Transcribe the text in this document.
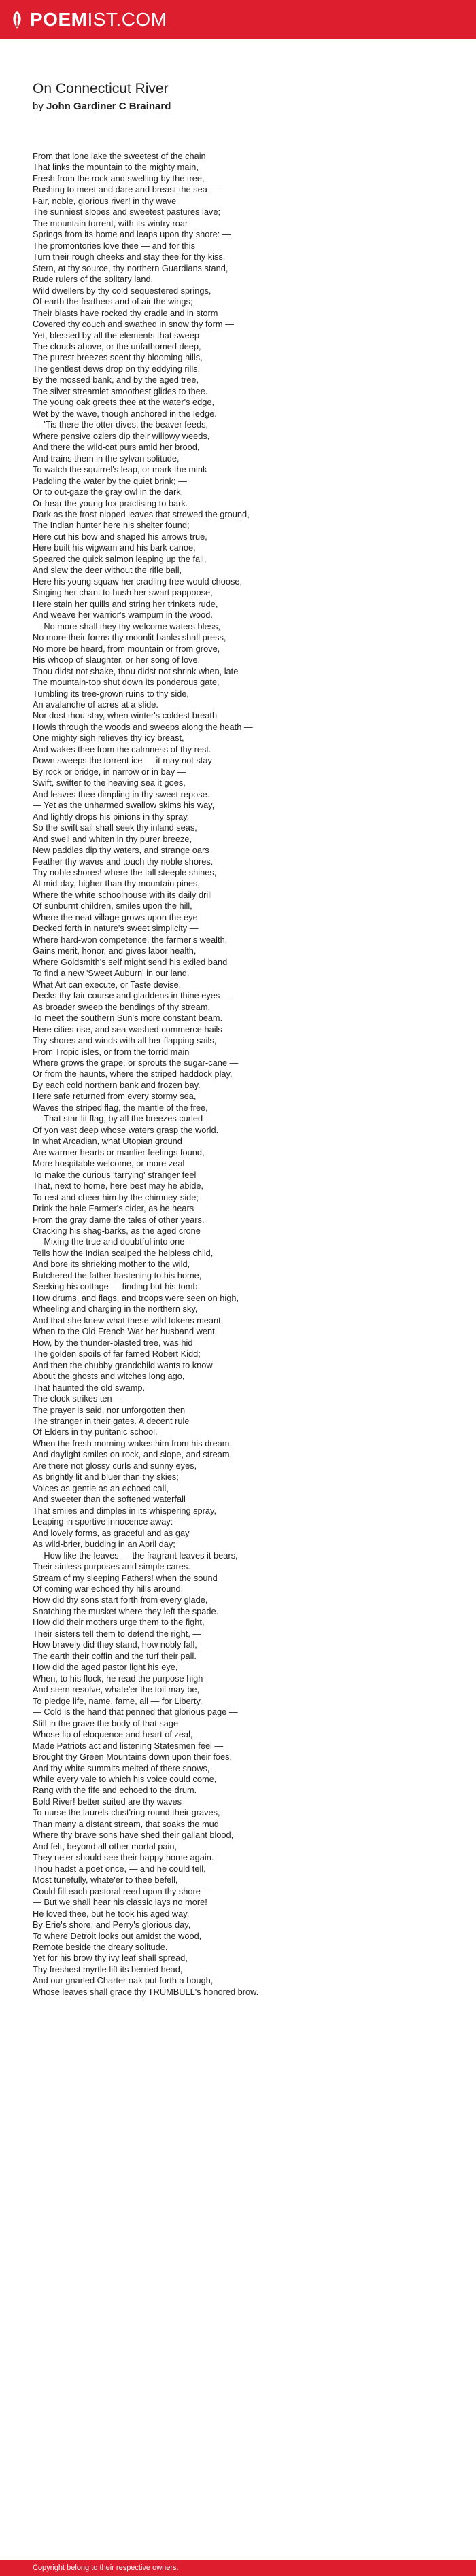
POEMIST.COM
On Connecticut River
by John Gardiner C Brainard
From that lone lake the sweetest of the chain
That links the mountain to the mighty main,
Fresh from the rock and swelling by the tree,
Rushing to meet and dare and breast the sea —
Fair, noble, glorious river! in thy wave
The sunniest slopes and sweetest pastures lave;
The mountain torrent, with its wintry roar
Springs from its home and leaps upon thy shore: —
The promontories love thee — and for this
Turn their rough cheeks and stay thee for thy kiss.
Stern, at thy source, thy northern Guardians stand,
Rude rulers of the solitary land,
Wild dwellers by thy cold sequestered springs,
Of earth the feathers and of air the wings;
Their blasts have rocked thy cradle and in storm
Covered thy couch and swathed in snow thy form —
Yet, blessed by all the elements that sweep
The clouds above, or the unfathomed deep,
The purest breezes scent thy blooming hills,
The gentlest dews drop on thy eddying rills,
By the mossed bank, and by the aged tree,
The silver streamlet smoothest glides to thee.
The young oak greets thee at the water's edge,
Wet by the wave, though anchored in the ledge.
— 'Tis there the otter dives, the beaver feeds,
Where pensive oziers dip their willowy weeds,
And there the wild-cat purs amid her brood,
And trains them in the sylvan solitude,
To watch the squirrel's leap, or mark the mink
Paddling the water by the quiet brink; —
Or to out-gaze the gray owl in the dark,
Or hear the young fox practising to bark.
Dark as the frost-nipped leaves that strewed the ground,
The Indian hunter here his shelter found;
Here cut his bow and shaped his arrows true,
Here built his wigwam and his bark canoe,
Speared the quick salmon leaping up the fall,
And slew the deer without the rifle ball,
Here his young squaw her cradling tree would choose,
Singing her chant to hush her swart pappoose,
Here stain her quills and string her trinkets rude,
And weave her warrior's wampum in the wood.
— No more shall they thy welcome waters bless,
No more their forms thy moonlit banks shall press,
No more be heard, from mountain or from grove,
His whoop of slaughter, or her song of love.
Thou didst not shake, thou didst not shrink when, late
The mountain-top shut down its ponderous gate,
Tumbling its tree-grown ruins to thy side,
An avalanche of acres at a slide.
Nor dost thou stay, when winter's coldest breath
Howls through the woods and sweeps along the heath —
One mighty sigh relieves thy icy breast,
And wakes thee from the calmness of thy rest.
Down sweeps the torrent ice — it may not stay
By rock or bridge, in narrow or in bay —
Swift, swifter to the heaving sea it goes,
And leaves thee dimpling in thy sweet repose.
— Yet as the unharmed swallow skims his way,
And lightly drops his pinions in thy spray,
So the swift sail shall seek thy inland seas,
And swell and whiten in thy purer breeze,
New paddles dip thy waters, and strange oars
Feather thy waves and touch thy noble shores.
Thy noble shores! where the tall steeple shines,
At mid-day, higher than thy mountain pines,
Where the white schoolhouse with its daily drill
Of sunburnt children, smiles upon the hill,
Where the neat village grows upon the eye
Decked forth in nature's sweet simplicity —
Where hard-won competence, the farmer's wealth,
Gains merit, honor, and gives labor health,
Where Goldsmith's self might send his exiled band
To find a new 'Sweet Auburn' in our land.
What Art can execute, or Taste devise,
Decks thy fair course and gladdens in thine eyes —
As broader sweep the bendings of thy stream,
To meet the southern Sun's more constant beam.
Here cities rise, and sea-washed commerce hails
Thy shores and winds with all her flapping sails,
From Tropic isles, or from the torrid main
Where grows the grape, or sprouts the sugar-cane —
Or from the haunts, where the striped haddock play,
By each cold northern bank and frozen bay.
Here safe returned from every stormy sea,
Waves the striped flag, the mantle of the free,
— That star-lit flag, by all the breezes curled
Of yon vast deep whose waters grasp the world.
In what Arcadian, what Utopian ground
Are warmer hearts or manlier feelings found,
More hospitable welcome, or more zeal
To make the curious 'tarrying' stranger feel
That, next to home, here best may he abide,
To rest and cheer him by the chimney-side;
Drink the hale Farmer's cider, as he hears
From the gray dame the tales of other years.
Cracking his shag-barks, as the aged crone
— Mixing the true and doubtful into one —
Tells how the Indian scalped the helpless child,
And bore its shrieking mother to the wild,
Butchered the father hastening to his home,
Seeking his cottage — finding but his tomb.
How drums, and flags, and troops were seen on high,
Wheeling and charging in the northern sky,
And that she knew what these wild tokens meant,
When to the Old French War her husband went.
How, by the thunder-blasted tree, was hid
The golden spoils of far famed Robert Kidd;
And then the chubby grandchild wants to know
About the ghosts and witches long ago,
That haunted the old swamp.
The clock strikes ten —
The prayer is said, nor unforgotten then
The stranger in their gates. A decent rule
Of Elders in thy puritanic school.
When the fresh morning wakes him from his dream,
And daylight smiles on rock, and slope, and stream,
Are there not glossy curls and sunny eyes,
As brightly lit and bluer than thy skies;
Voices as gentle as an echoed call,
And sweeter than the softened waterfall
That smiles and dimples in its whispering spray,
Leaping in sportive innocence away: —
And lovely forms, as graceful and as gay
As wild-brier, budding in an April day;
— How like the leaves — the fragrant leaves it bears,
Their sinless purposes and simple cares.
Stream of my sleeping Fathers! when the sound
Of coming war echoed thy hills around,
How did thy sons start forth from every glade,
Snatching the musket where they left the spade.
How did their mothers urge them to the fight,
Their sisters tell them to defend the right, —
How bravely did they stand, how nobly fall,
The earth their coffin and the turf their pall.
How did the aged pastor light his eye,
When, to his flock, he read the purpose high
And stern resolve, whate'er the toil may be,
To pledge life, name, fame, all — for Liberty.
— Cold is the hand that penned that glorious page —
Still in the grave the body of that sage
Whose lip of eloquence and heart of zeal,
Made Patriots act and listening Statesmen feel —
Brought thy Green Mountains down upon their foes,
And thy white summits melted of there snows,
While every vale to which his voice could come,
Rang with the fife and echoed to the drum.
Bold River! better suited are thy waves
To nurse the laurels clust'ring round their graves,
Than many a distant stream, that soaks the mud
Where thy brave sons have shed their gallant blood,
And felt, beyond all other mortal pain,
They ne'er should see their happy home again.
Thou hadst a poet once, — and he could tell,
Most tunefully, whate'er to thee befell,
Could fill each pastoral reed upon thy shore —
— But we shall hear his classic lays no more!
He loved thee, but he took his aged way,
By Erie's shore, and Perry's glorious day,
To where Detroit looks out amidst the wood,
Remote beside the dreary solitude.
Yet for his brow thy ivy leaf shall spread,
Thy freshest myrtle lift its berried head,
And our gnarled Charter oak put forth a bough,
Whose leaves shall grace thy TRUMBULL's honored brow.
Copyright belong to their respective owners.
